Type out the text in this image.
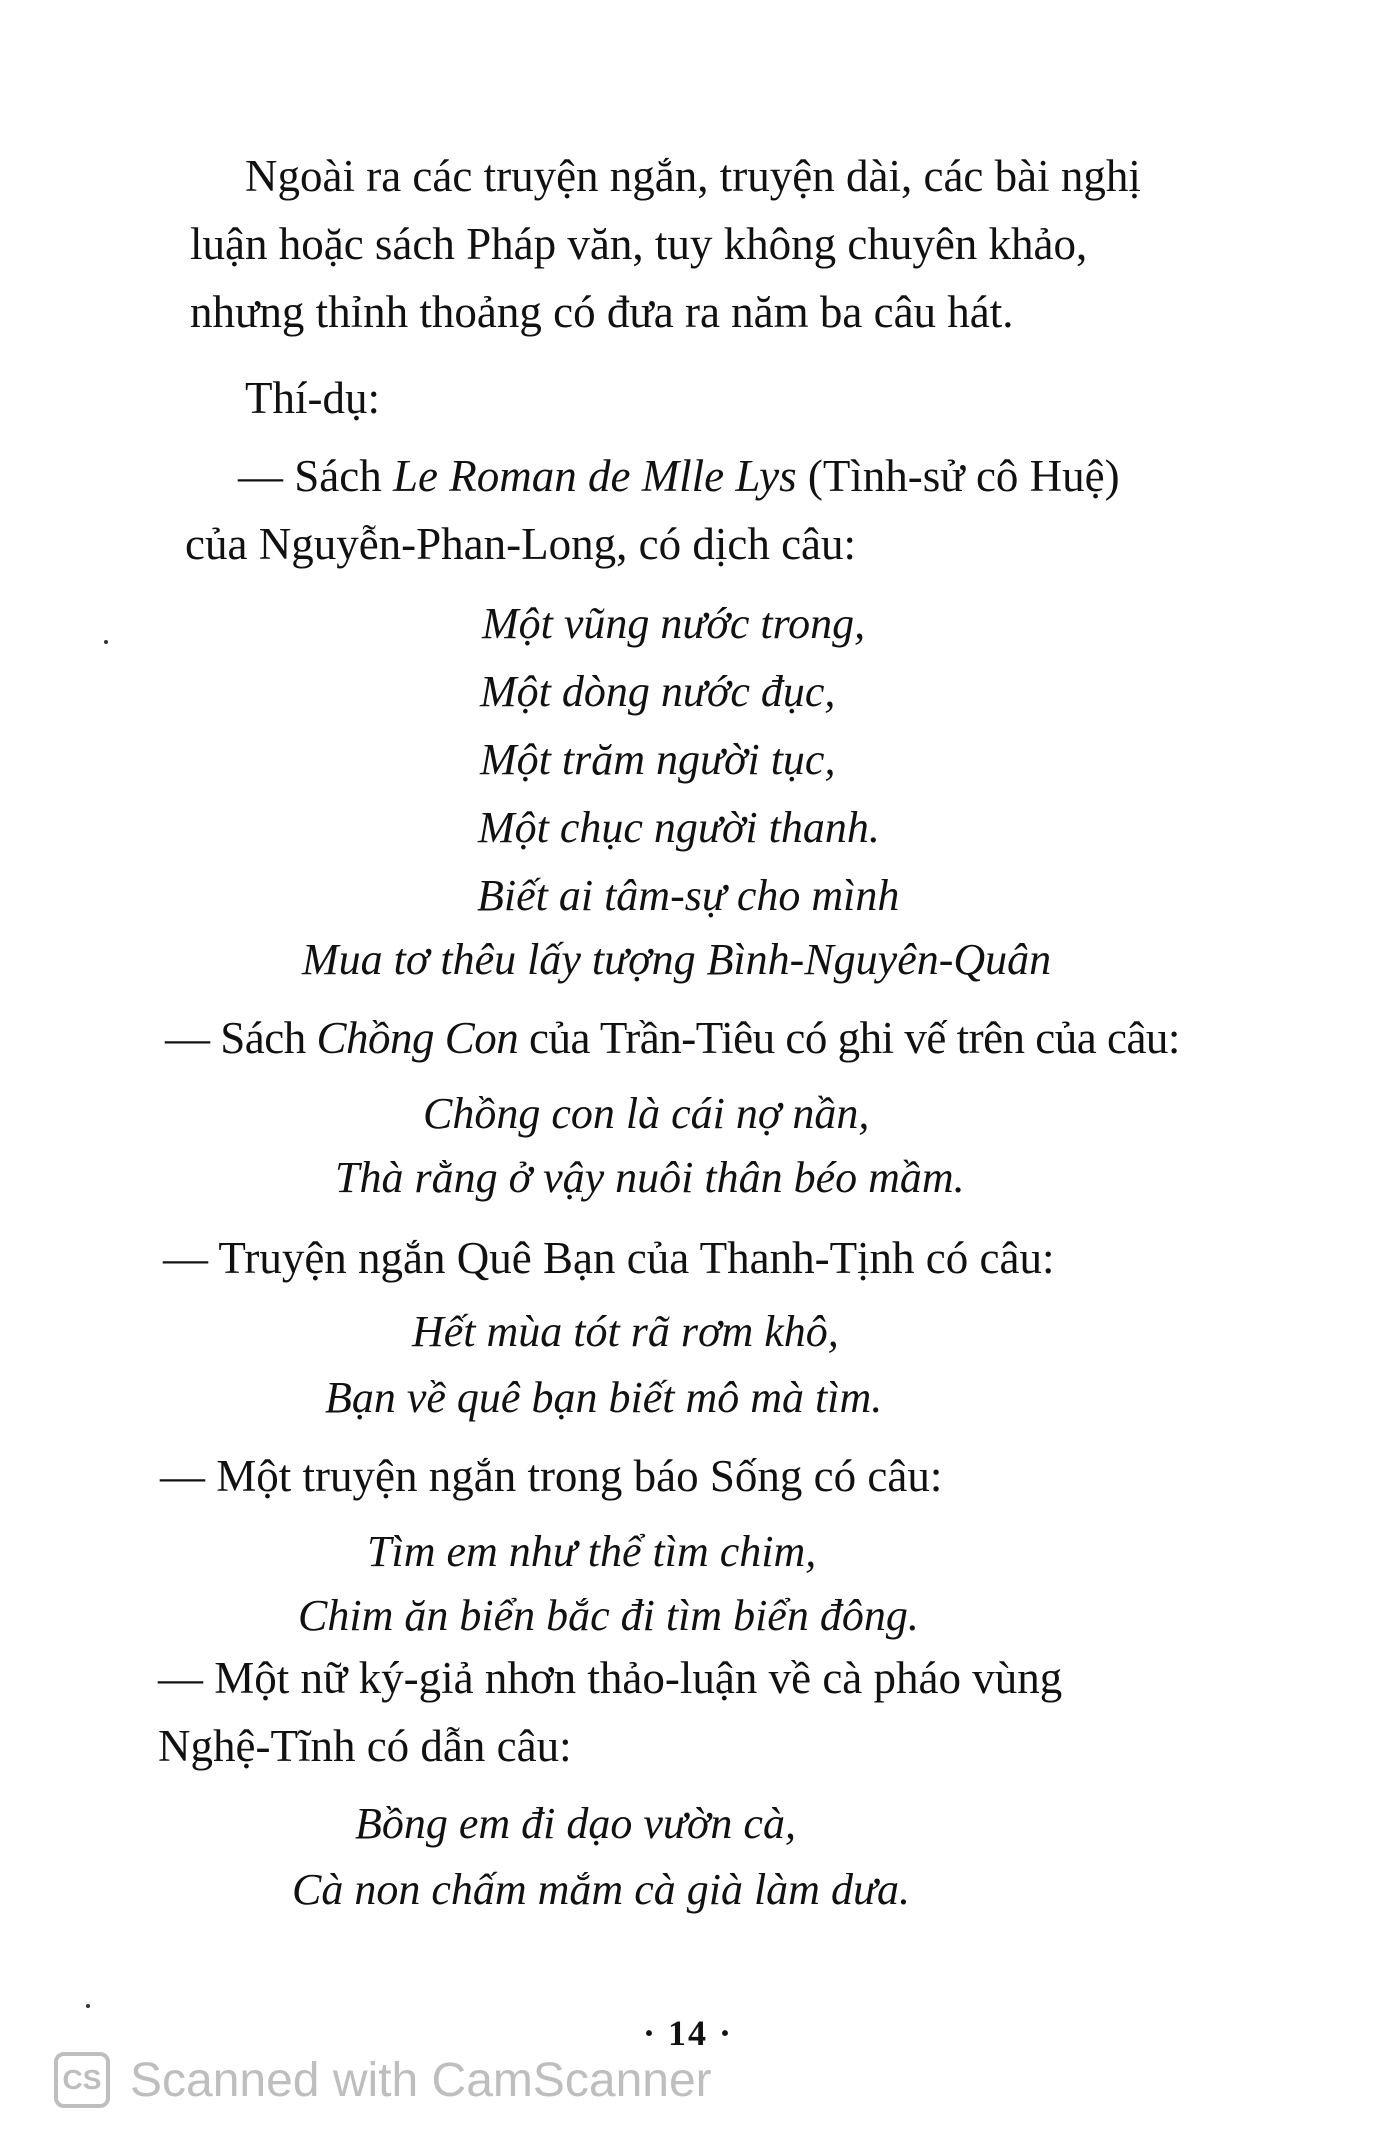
Ngoài ra các truyện ngắn, truyện dài, các bài nghị
luận hoặc sách Pháp văn, tuy không chuyên khảo,
nhưng thỉnh thoảng có đưa ra năm ba câu hát.
Thí-dụ:
— Sách Le Roman de Mlle Lys (Tình-sử cô Huệ)
của Nguyễn-Phan-Long, có dịch câu:
Một vũng nước trong,
Một dòng nước đục,
Một trăm người tục,
Một chục người thanh.
Biết ai tâm-sự cho mình
Mua tơ thêu lấy tượng Bình-Nguyên-Quân
— Sách Chồng Con của Trần-Tiêu có ghi vế trên của câu:
Chồng con là cái nợ nần,
Thà rằng ở vậy nuôi thân béo mầm.
— Truyện ngắn Quê Bạn của Thanh-Tịnh có câu:
Hết mùa tót rã rơm khô,
Bạn về quê bạn biết mô mà tìm.
— Một truyện ngắn trong báo Sống có câu:
Tìm em như thể tìm chim,
Chim ăn biển bắc đi tìm biển đông.
— Một nữ ký-giả nhơn thảo-luận về cà pháo vùng
Nghệ-Tĩnh có dẫn câu:
Bồng em đi dạo vườn cà,
Cà non chấm mắm cà già làm dưa.
· 14 ·
CS Scanned with CamScanner
